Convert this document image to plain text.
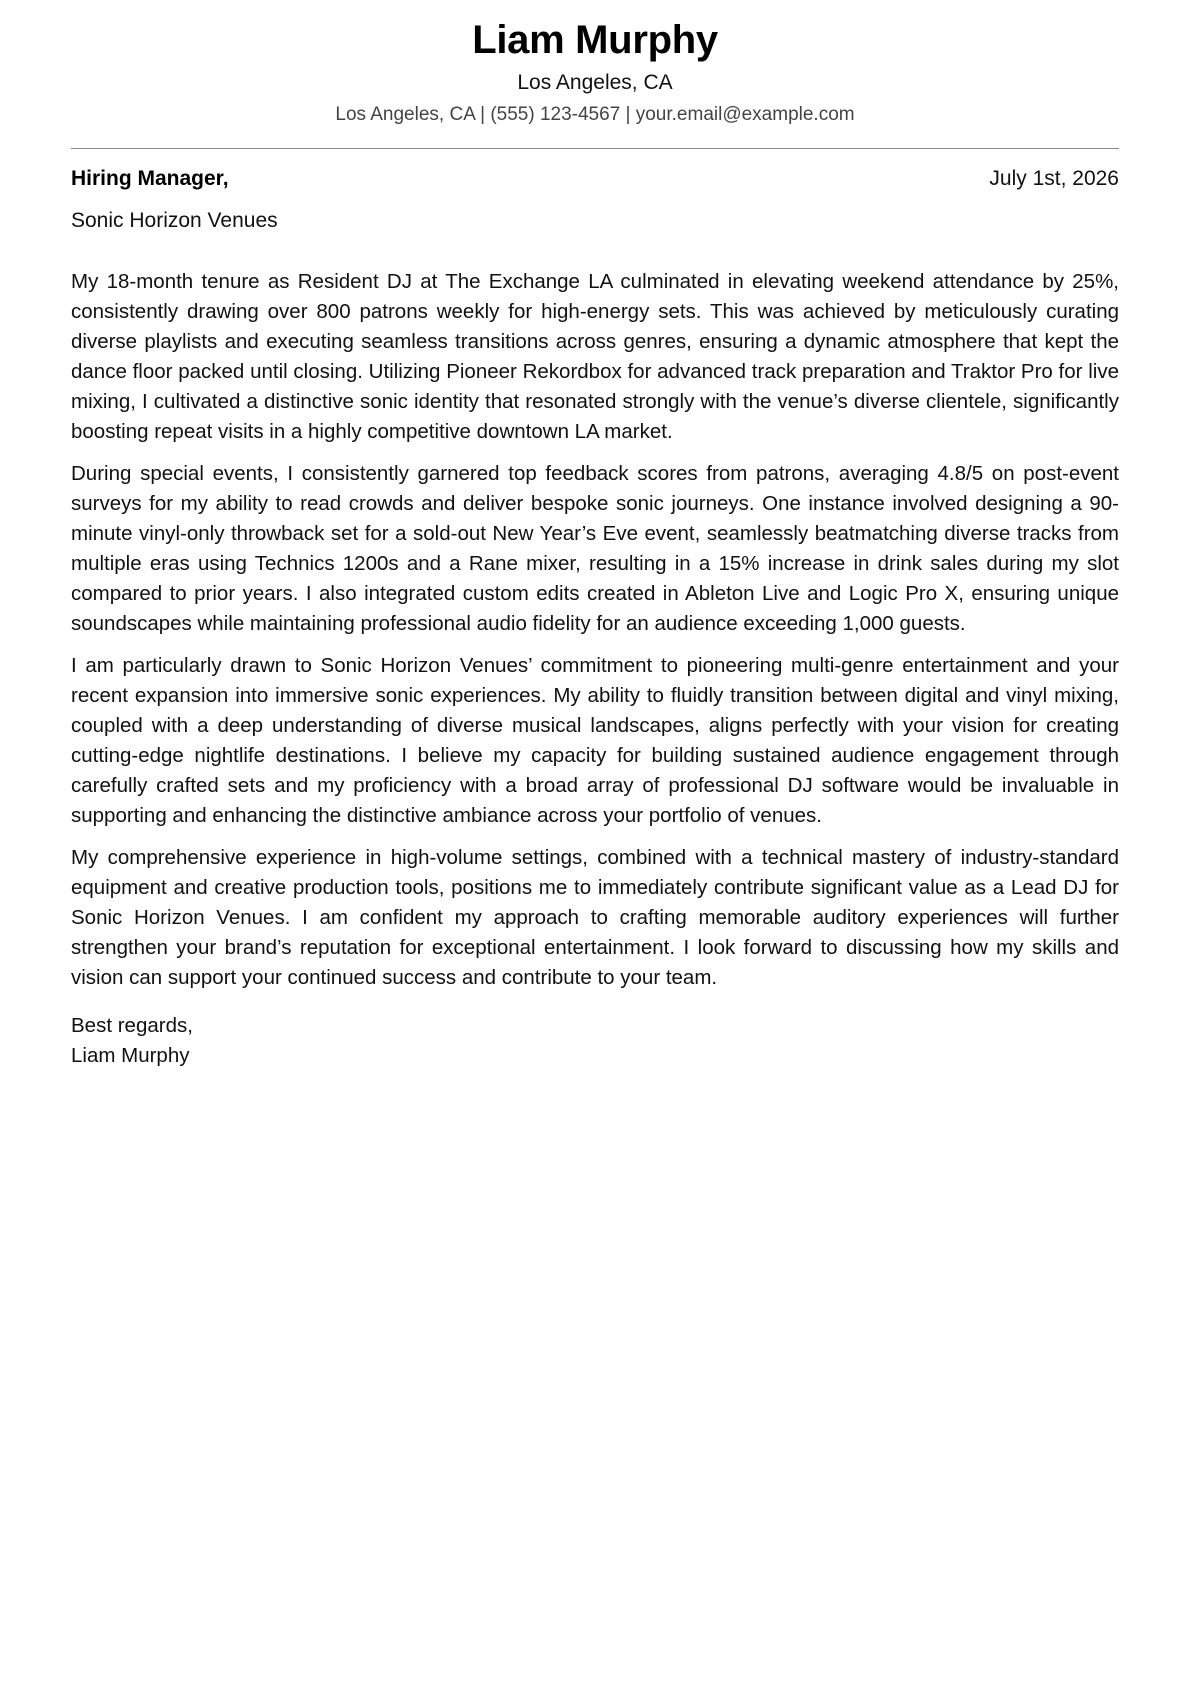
Liam Murphy
Los Angeles, CA
Los Angeles, CA | (555) 123-4567 | your.email@example.com
Hiring Manager,	July 1st, 2026
Sonic Horizon Venues

My 18-month tenure as Resident DJ at The Exchange LA culminated in elevating weekend attendance by 25%, consistently drawing over 800 patrons weekly for high-energy sets. This was achieved by meticulously curating diverse playlists and executing seamless transitions across genres, ensuring a dynamic atmosphere that kept the dance floor packed until closing. Utilizing Pioneer Rekordbox for advanced track preparation and Traktor Pro for live mixing, I cultivated a distinctive sonic identity that resonated strongly with the venue’s diverse clientele, significantly boosting repeat visits in a highly competitive downtown LA market.

During special events, I consistently garnered top feedback scores from patrons, averaging 4.8/5 on post-event surveys for my ability to read crowds and deliver bespoke sonic journeys. One instance involved designing a 90-minute vinyl-only throwback set for a sold-out New Year’s Eve event, seamlessly beatmatching diverse tracks from multiple eras using Technics 1200s and a Rane mixer, resulting in a 15% increase in drink sales during my slot compared to prior years. I also integrated custom edits created in Ableton Live and Logic Pro X, ensuring unique soundscapes while maintaining professional audio fidelity for an audience exceeding 1,000 guests.

I am particularly drawn to Sonic Horizon Venues’ commitment to pioneering multi-genre entertainment and your recent expansion into immersive sonic experiences. My ability to fluidly transition between digital and vinyl mixing, coupled with a deep understanding of diverse musical landscapes, aligns perfectly with your vision for creating cutting-edge nightlife destinations. I believe my capacity for building sustained audience engagement through carefully crafted sets and my proficiency with a broad array of professional DJ software would be invaluable in supporting and enhancing the distinctive ambiance across your portfolio of venues.

My comprehensive experience in high-volume settings, combined with a technical mastery of industry-standard equipment and creative production tools, positions me to immediately contribute significant value as a Lead DJ for Sonic Horizon Venues. I am confident my approach to crafting memorable auditory experiences will further strengthen your brand’s reputation for exceptional entertainment. I look forward to discussing how my skills and vision can support your continued success and contribute to your team.

Best regards,
Liam Murphy
